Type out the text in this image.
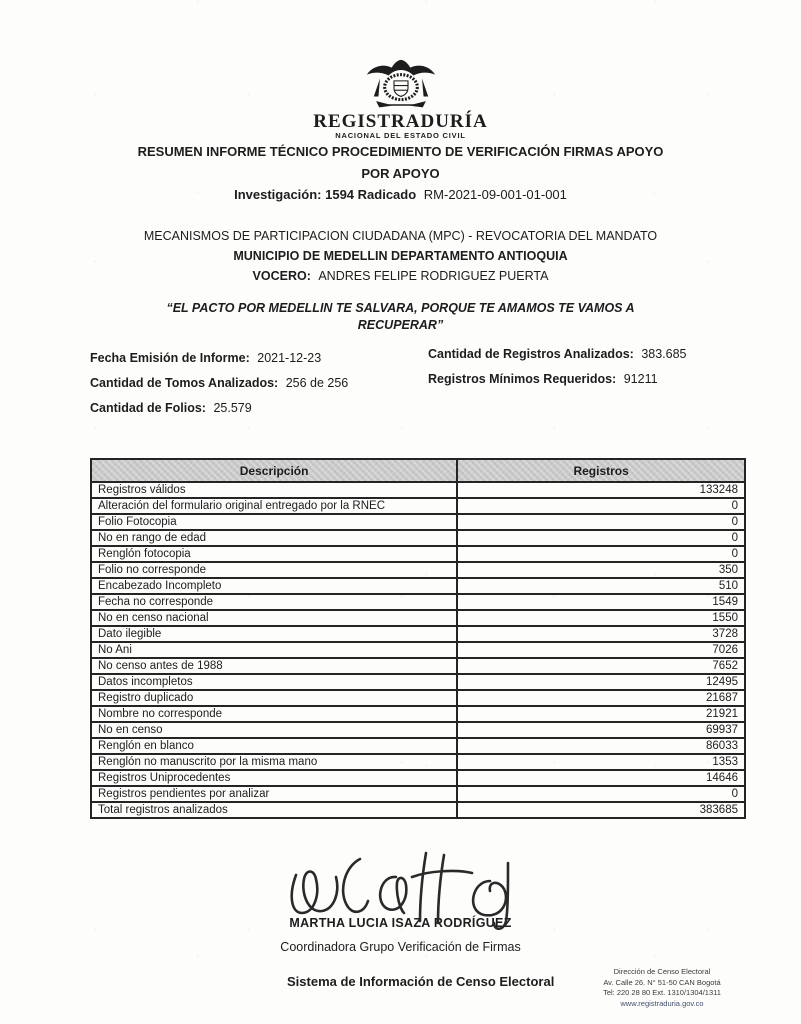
REGISTRADURÍA
NACIONAL DEL ESTADO CIVIL
RESUMEN INFORME TÉCNICO PROCEDIMIENTO DE VERIFICACIÓN FIRMAS APOYO
POR APOYO
Investigación: 1594 Radicado RM-2021-09-001-01-001
MECANISMOS DE PARTICIPACION CIUDADANA (MPC) - REVOCATORIA DEL MANDATO
MUNICIPIO DE MEDELLIN DEPARTAMENTO ANTIOQUIA
VOCERO: ANDRES FELIPE RODRIGUEZ PUERTA
“EL PACTO POR MEDELLIN TE SALVARA, PORQUE TE AMAMOS TE VAMOS A
RECUPERAR”
Fecha Emisión de Informe: 2021-12-23
Cantidad de Tomos Analizados: 256 de 256
Cantidad de Folios: 25.579
Cantidad de Registros Analizados: 383.685
Registros Mínimos Requeridos: 91211
Descripción	Registros
Registros válidos	133248
Alteración del formulario original entregado por la RNEC	0
Folio Fotocopia	0
No en rango de edad	0
Renglón fotocopia	0
Folio no corresponde	350
Encabezado Incompleto	510
Fecha no corresponde	1549
No en censo nacional	1550
Dato ilegible	3728
No Ani	7026
No censo antes de 1988	7652
Datos incompletos	12495
Registro duplicado	21687
Nombre no corresponde	21921
No en censo	69937
Renglón en blanco	86033
Renglón no manuscrito por la misma mano	1353
Registros Uniprocedentes	14646
Registros pendientes por analizar	0
Total registros analizados	383685
MARTHA LUCIA ISAZA RODRÍGUEZ
Coordinadora Grupo Verificación de Firmas
Sistema de Información de Censo Electoral
Dirección de Censo Electoral
Av. Calle 26. N° 51-50 CAN Bogotá
Tel: 220 28 80 Ext. 1310/1304/1311
www.registraduria.gov.co
